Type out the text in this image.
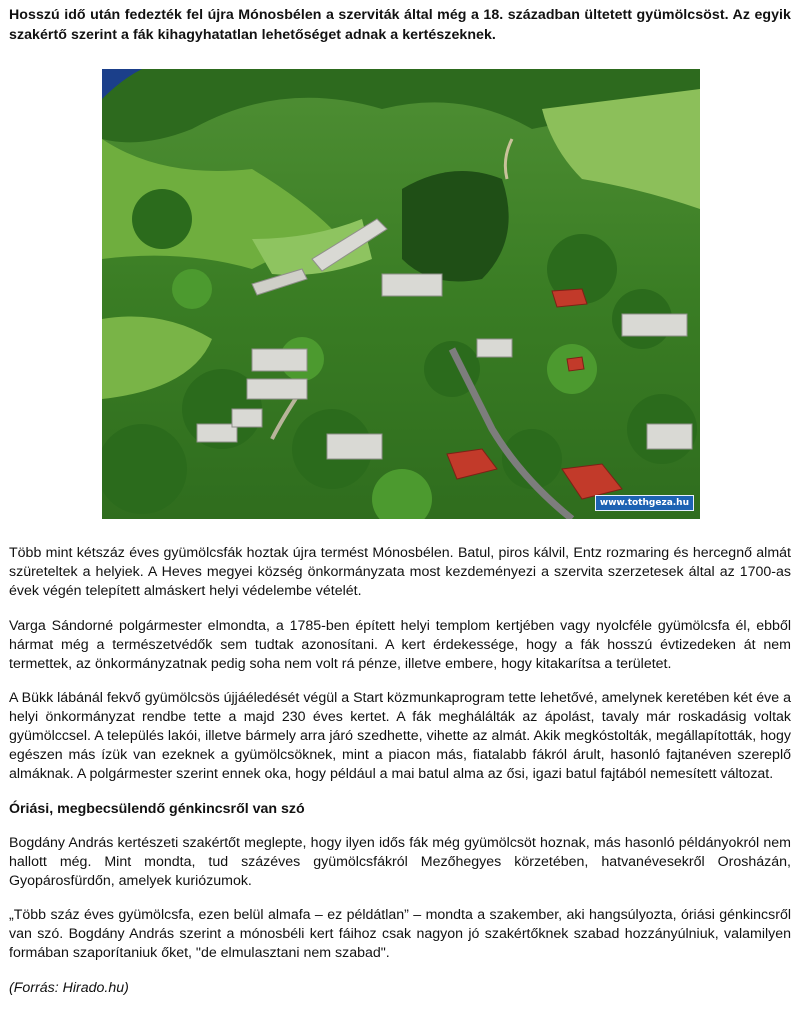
Hosszú idő után fedezték fel újra Mónosbélen a szerviták által még a 18. században ültetett gyümölcsöst. Az egyik szakértő szerint a fák kihagyhatatlan lehetőséget adnak a kertészeknek.

www.tothgeza.hu

Több mint kétszáz éves gyümölcsfák hoztak újra termést Mónosbélen. Batul, piros kálvil, Entz rozmaring és hercegnő almát szüreteltek a helyiek. A Heves megyei község önkormányzata most kezdeményezi a szervita szerzetesek által az 1700-as évek végén telepített almáskert helyi védelembe vételét.

Varga Sándorné polgármester elmondta, a 1785-ben épített helyi templom kertjében vagy nyolcféle gyümölcsfa él, ebből hármat még a természetvédők sem tudtak azonosítani. A kert érdekessége, hogy a fák hosszú évtizedeken át nem termettek, az önkormányzatnak pedig soha nem volt rá pénze, illetve embere, hogy kitakarítsa a területet.

A Bükk lábánál fekvő gyümölcsös újjáéledését végül a Start közmunkaprogram tette lehetővé, amelynek keretében két éve a helyi önkormányzat rendbe tette a majd 230 éves kertet. A fák meghálálták az ápolást, tavaly már roskadásig voltak gyümölccsel. A település lakói, illetve bármely arra járó szedhette, vihette az almát. Akik megkóstolták, megállapították, hogy egészen más ízük van ezeknek a gyümölcsöknek, mint a piacon más, fiatalabb fákról árult, hasonló fajtanéven szereplő almáknak. A polgármester szerint ennek oka, hogy például a mai batul alma az ősi, igazi batul fajtából nemesített változat.

Óriási, megbecsülendő génkincsről van szó

Bogdány András kertészeti szakértőt meglepte, hogy ilyen idős fák még gyümölcsöt hoznak, más hasonló példányokról nem hallott még. Mint mondta, tud százéves gyümölcsfákról Mezőhegyes körzetében, hatvanévesekről Orosházán, Gyopárosfürdőn, amelyek kuriózumok.

„Több száz éves gyümölcsfa, ezen belül almafa – ez példátlan” – mondta a szakember, aki hangsúlyozta, óriási génkincsről van szó. Bogdány András szerint a mónosbéli kert fáihoz csak nagyon jó szakértőknek szabad hozzányúlniuk, valamilyen formában szaporítaniuk őket, "de elmulasztani nem szabad".

(Forrás: Hirado.hu)
